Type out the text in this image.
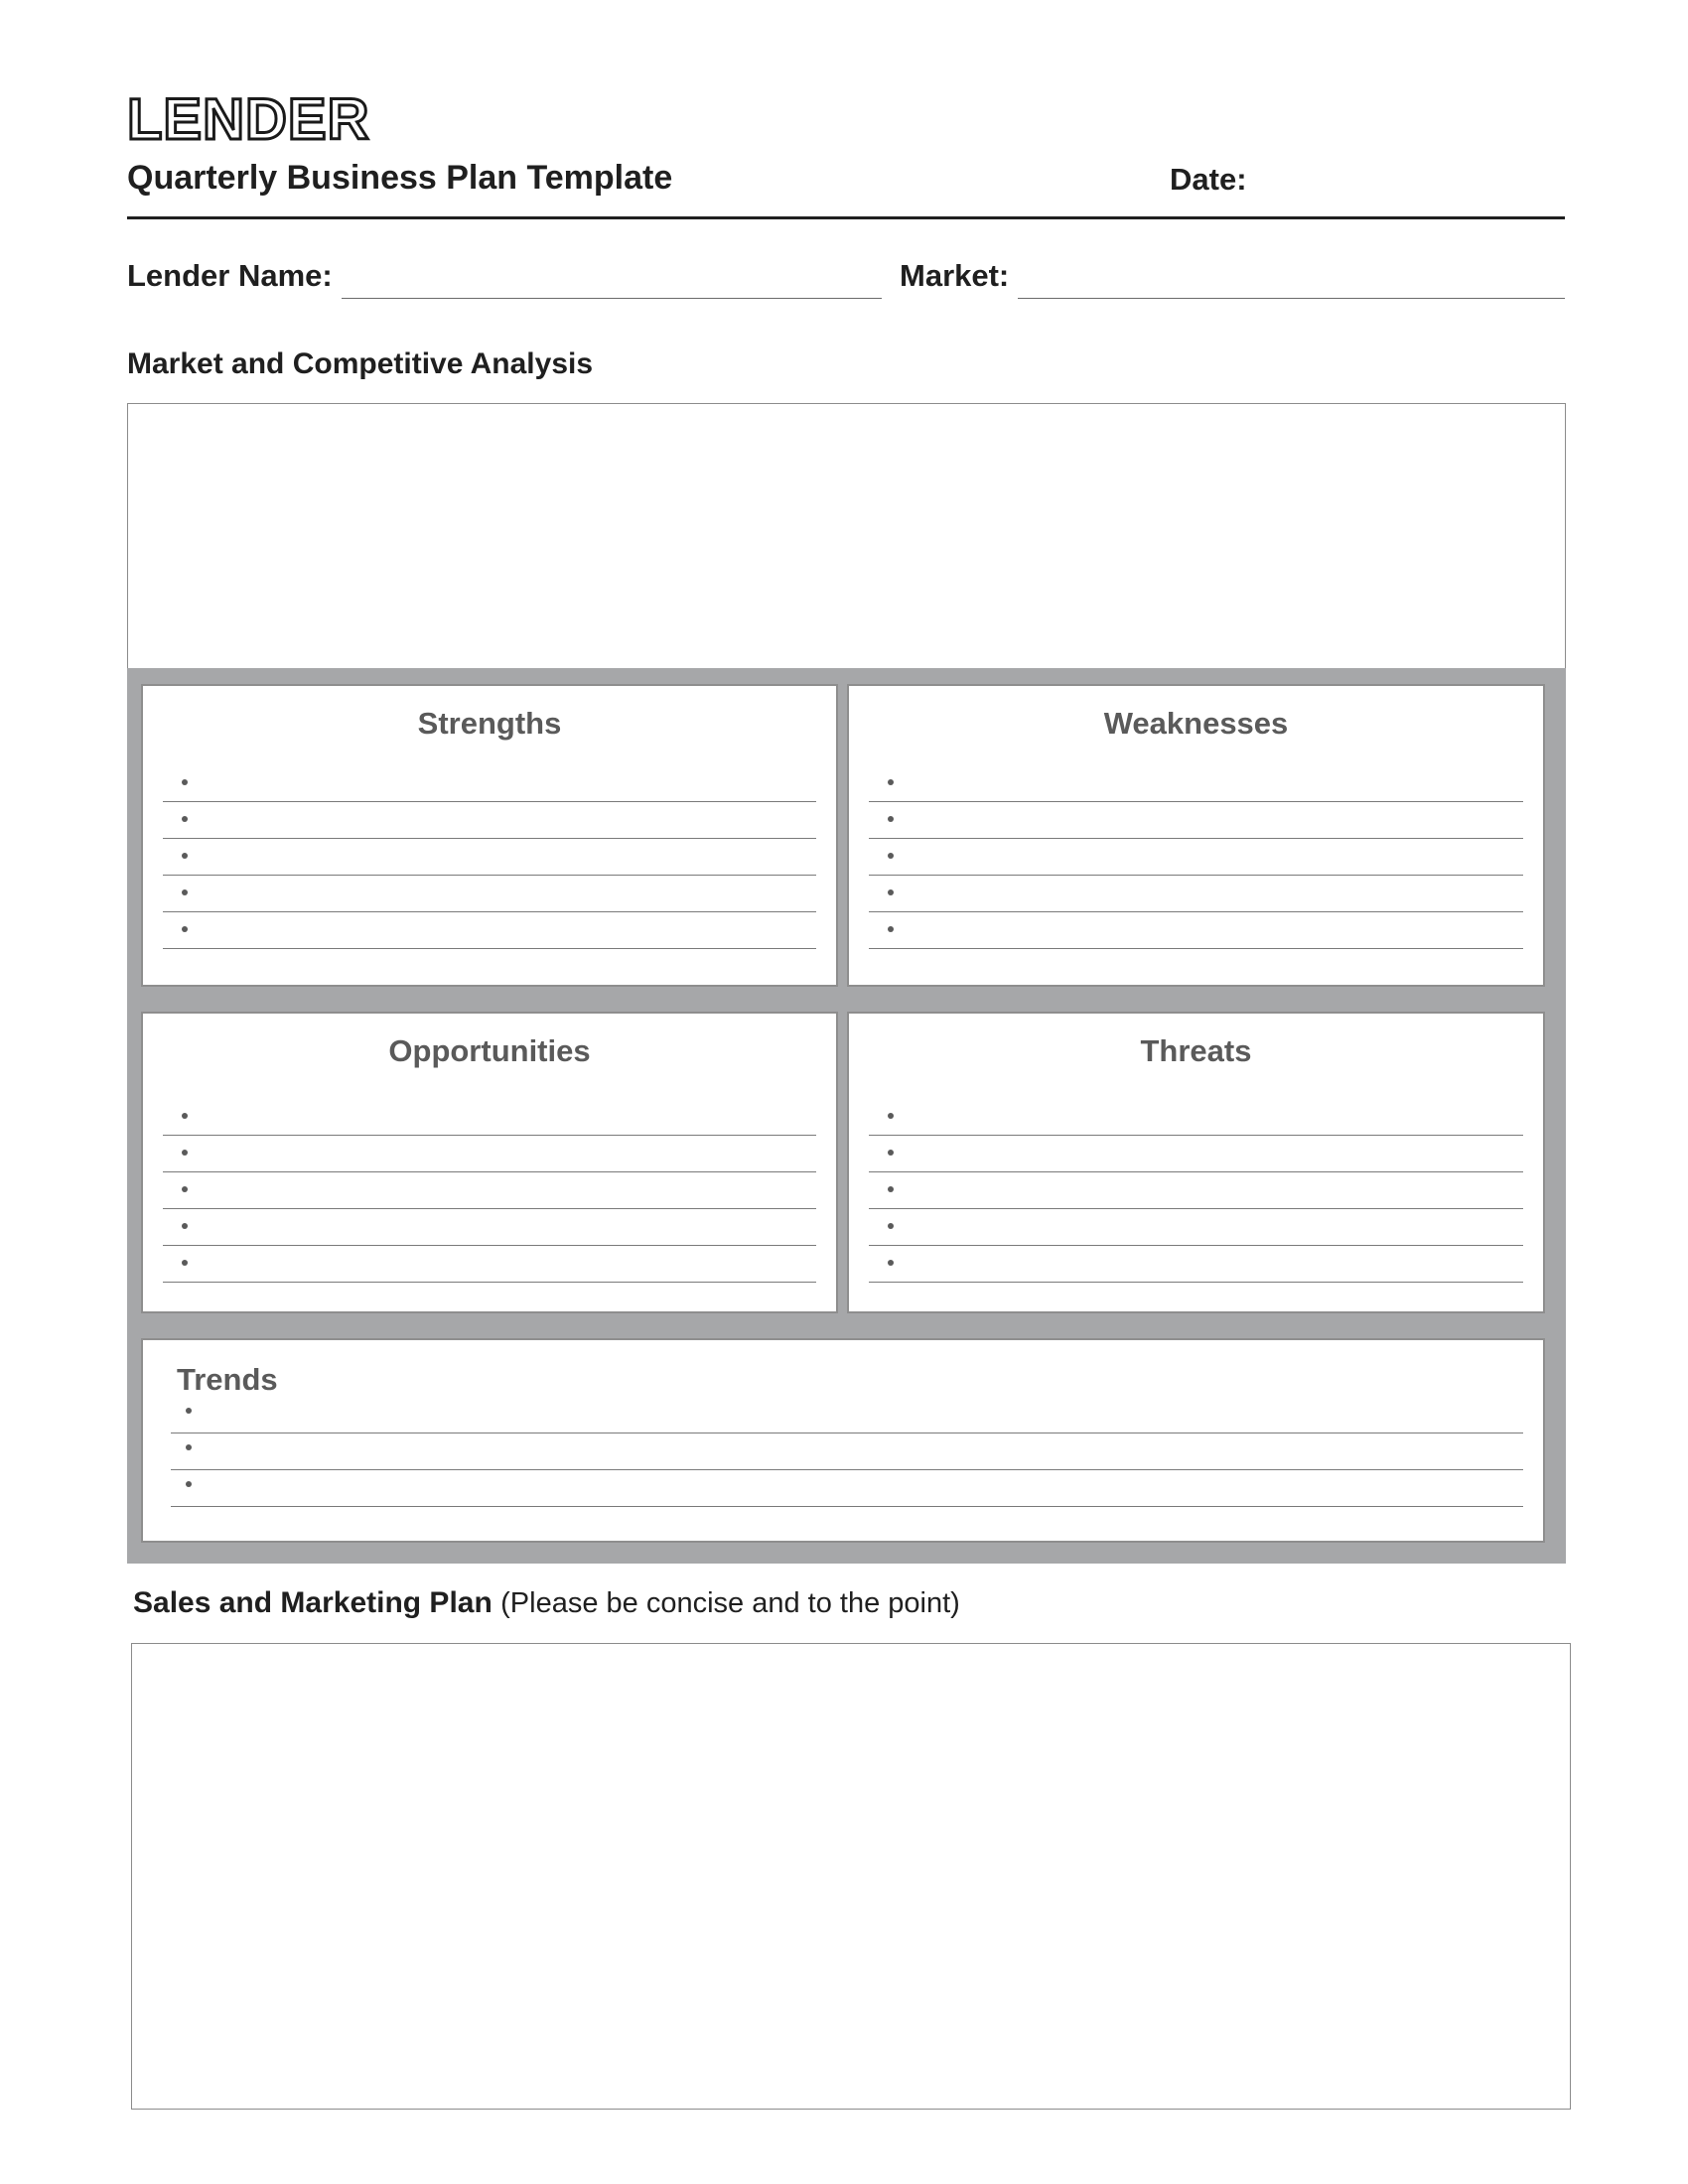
LENDER
Quarterly Business Plan Template	Date:
Lender Name:	Market:
Market and Competitive Analysis
Strengths	Weaknesses
Opportunities	Threats
Trends
Sales and Marketing Plan (Please be concise and to the point)
